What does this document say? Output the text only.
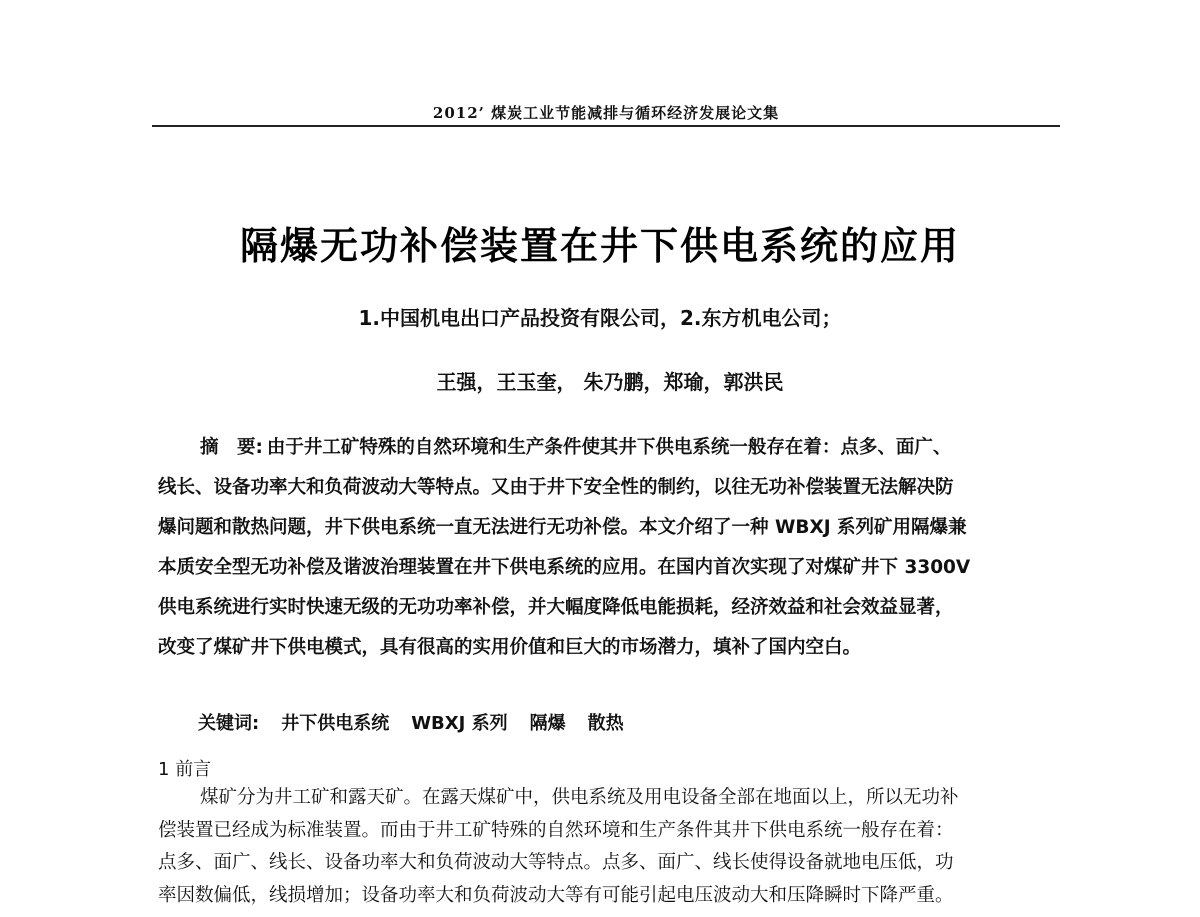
2012’ 煤炭工业节能减排与循环经济发展论文集
隔爆无功补偿装置在井下供电系统的应用
1.中国机电出口产品投资有限公司，2.东方机电公司；
王强，王玉奎， 朱乃鹏，郑瑜，郭洪民
摘　要: 由于井工矿特殊的自然环境和生产条件使其井下供电系统一般存在着：点多、面广、
线长、设备功率大和负荷波动大等特点。又由于井下安全性的制约，以往无功补偿装置无法解决防
爆问题和散热问题，井下供电系统一直无法进行无功补偿。本文介绍了一种 WBXJ 系列矿用隔爆兼
本质安全型无功补偿及谐波治理装置在井下供电系统的应用。在国内首次实现了对煤矿井下 3300V
供电系统进行实时快速无级的无功功率补偿，并大幅度降低电能损耗，经济效益和社会效益显著，
改变了煤矿井下供电模式，具有很高的实用价值和巨大的市场潜力，填补了国内空白。
关键词: 井下供电系统 WBXJ 系列 隔爆 散热
1 前言
煤矿分为井工矿和露天矿。在露天煤矿中，供电系统及用电设备全部在地面以上，所以无功补
偿装置已经成为标准装置。而由于井工矿特殊的自然环境和生产条件其井下供电系统一般存在着：
点多、面广、线长、设备功率大和负荷波动大等特点。点多、面广、线长使得设备就地电压低，功
率因数偏低，线损增加；设备功率大和负荷波动大等有可能引起电压波动大和压降瞬时下降严重。
